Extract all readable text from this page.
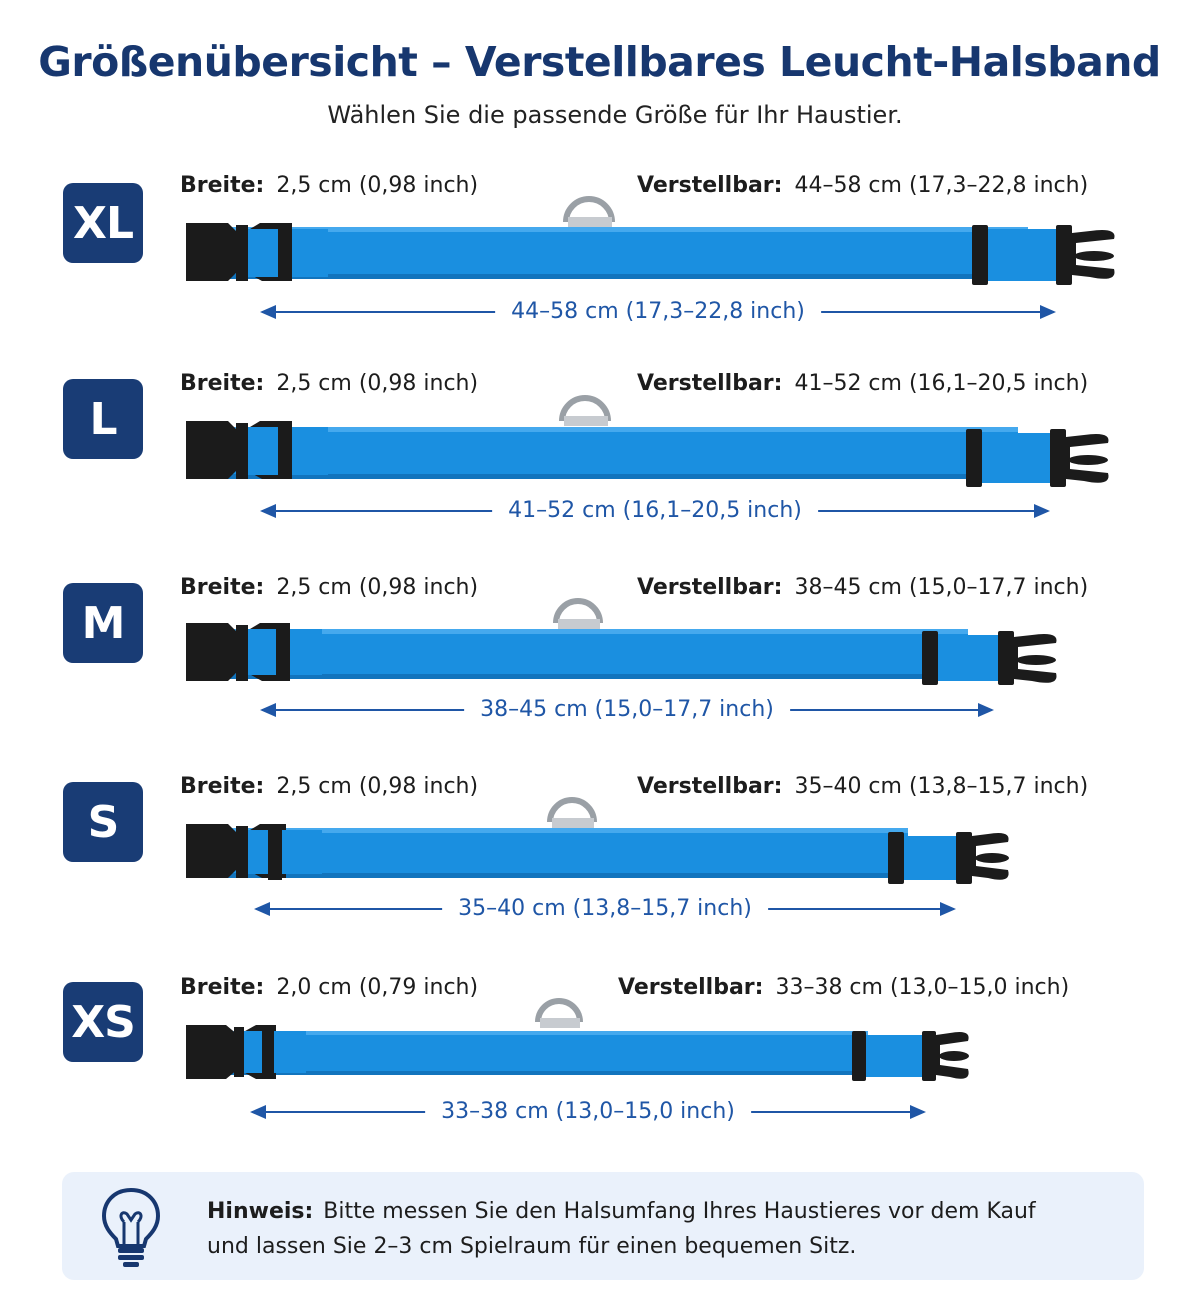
Größenübersicht – Verstellbares Leucht-Halsband
Wählen Sie die passende Größe für Ihr Haustier.
XL
Breite: 2,5 cm (0,98 inch)	Verstellbar: 44–58 cm (17,3–22,8 inch)
44–58 cm (17,3–22,8 inch)
L
Breite: 2,5 cm (0,98 inch)	Verstellbar: 41–52 cm (16,1–20,5 inch)
41–52 cm (16,1–20,5 inch)
M
Breite: 2,5 cm (0,98 inch)	Verstellbar: 38–45 cm (15,0–17,7 inch)
38–45 cm (15,0–17,7 inch)
S
Breite: 2,5 cm (0,98 inch)	Verstellbar: 35–40 cm (13,8–15,7 inch)
35–40 cm (13,8–15,7 inch)
XS
Breite: 2,0 cm (0,79 inch)	Verstellbar: 33–38 cm (13,0–15,0 inch)
33–38 cm (13,0–15,0 inch)
Hinweis: Bitte messen Sie den Halsumfang Ihres Haustieres vor dem Kauf
und lassen Sie 2–3 cm Spielraum für einen bequemen Sitz.
